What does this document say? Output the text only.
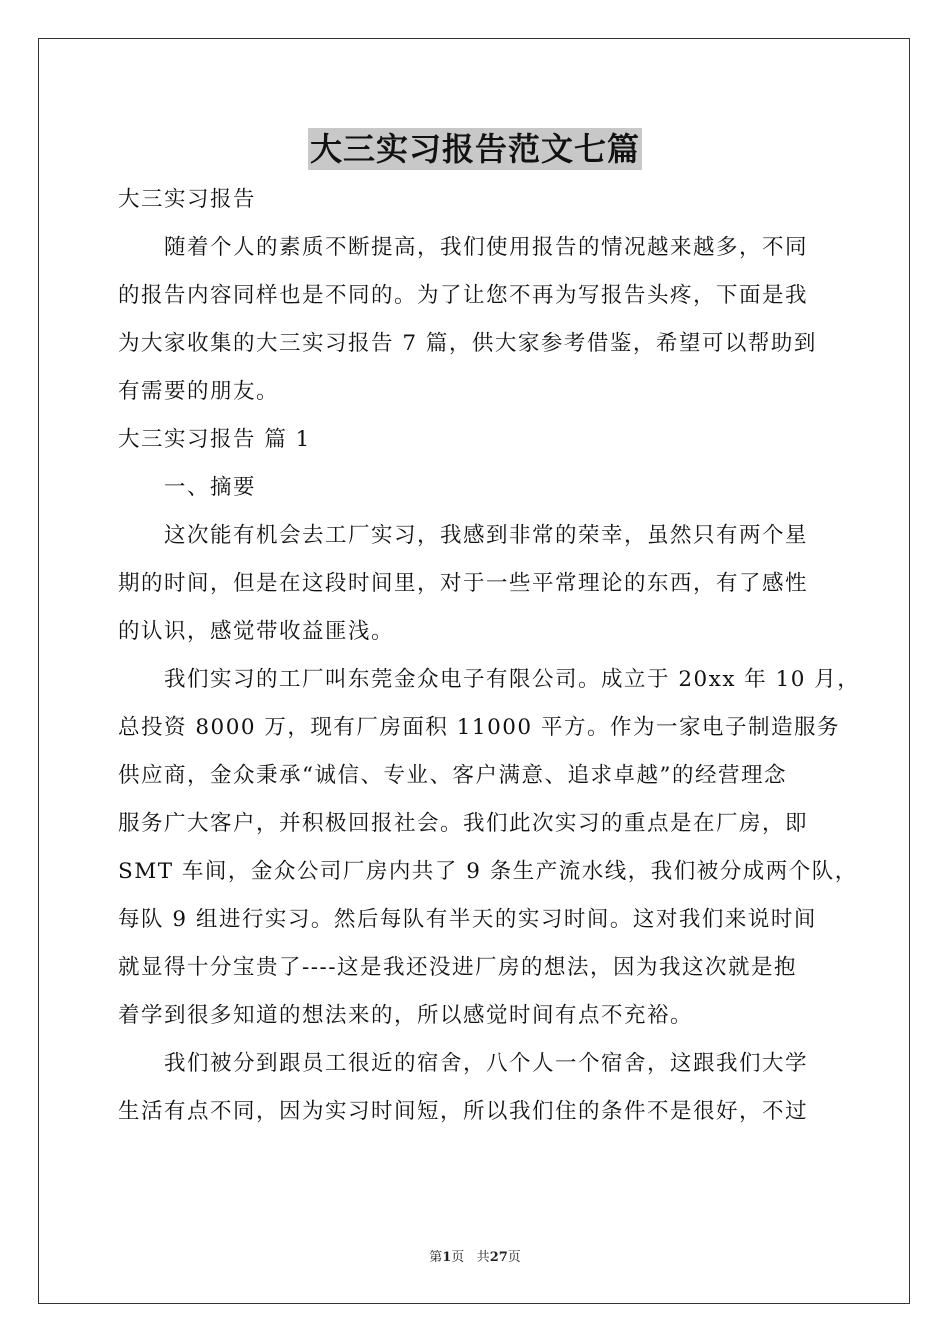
大三实习报告范文七篇
大三实习报告
随着个人的素质不断提高，我们使用报告的情况越来越多，不同
的报告内容同样也是不同的。为了让您不再为写报告头疼，下面是我
为大家收集的大三实习报告 7 篇，供大家参考借鉴，希望可以帮助到
有需要的朋友。
大三实习报告 篇 1
一、摘要
这次能有机会去工厂实习，我感到非常的荣幸，虽然只有两个星
期的时间，但是在这段时间里，对于一些平常理论的东西，有了感性
的认识，感觉带收益匪浅。
我们实习的工厂叫东莞金众电子有限公司。成立于 20xx 年 10 月，
总投资 8000 万，现有厂房面积 11000 平方。作为一家电子制造服务
供应商，金众秉承“诚信、专业、客户满意、追求卓越”的经营理念
服务广大客户，并积极回报社会。我们此次实习的重点是在厂房，即
SMT 车间，金众公司厂房内共了 9 条生产流水线，我们被分成两个队，
每队 9 组进行实习。然后每队有半天的实习时间。这对我们来说时间
就显得十分宝贵了----这是我还没进厂房的想法，因为我这次就是抱
着学到很多知道的想法来的，所以感觉时间有点不充裕。
我们被分到跟员工很近的宿舍，八个人一个宿舍，这跟我们大学
生活有点不同，因为实习时间短，所以我们住的条件不是很好，不过
第1页 共27页
